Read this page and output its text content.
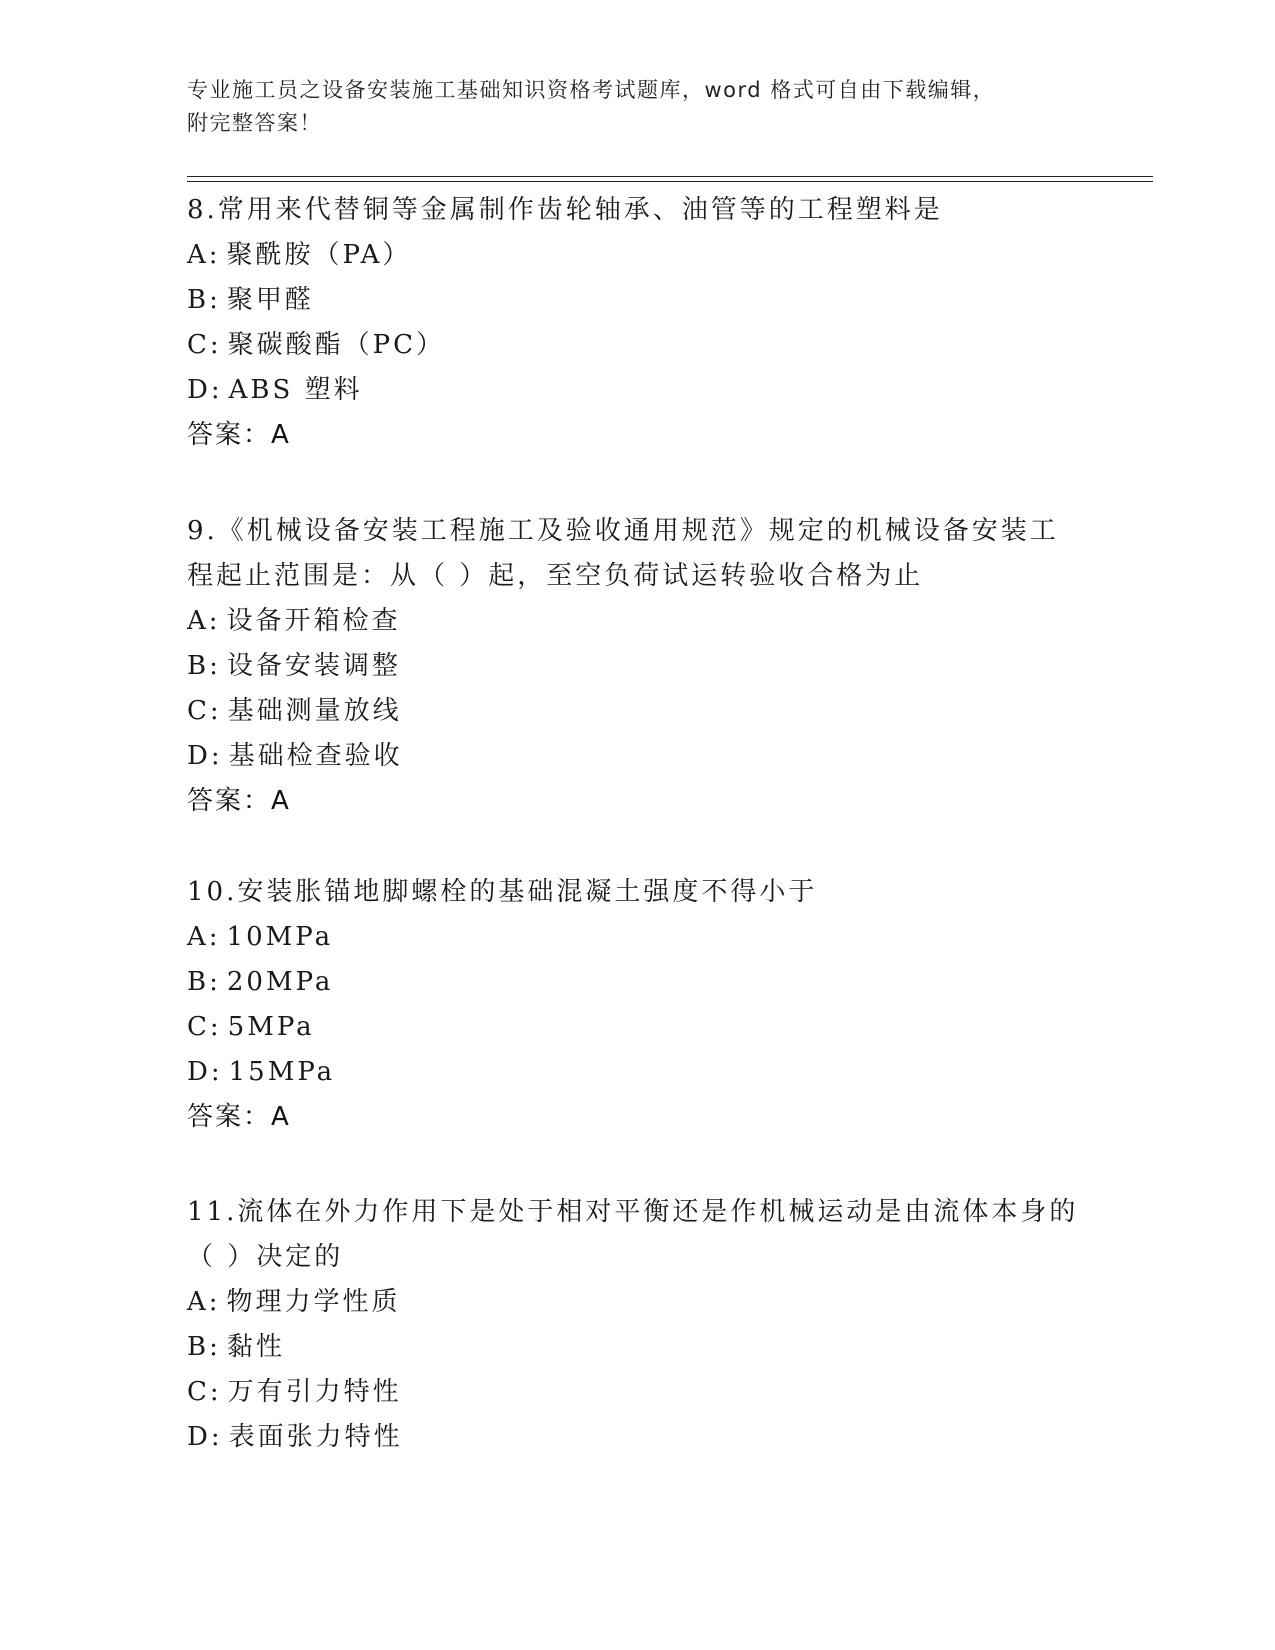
专业施工员之设备安装施工基础知识资格考试题库，word 格式可自由下载编辑，
附完整答案！
8.常用来代替铜等金属制作齿轮轴承、油管等的工程塑料是
A: 聚酰胺（PA）
B: 聚甲醛
C: 聚碳酸酯（PC）
D: ABS 塑料
答案：A
9.《机械设备安装工程施工及验收通用规范》规定的机械设备安装工
程起止范围是：从（ ）起，至空负荷试运转验收合格为止
A: 设备开箱检查
B: 设备安装调整
C: 基础测量放线
D: 基础检查验收
答案：A
10.安装胀锚地脚螺栓的基础混凝土强度不得小于
A: 10MPa
B: 20MPa
C: 5MPa
D: 15MPa
答案：A
11.流体在外力作用下是处于相对平衡还是作机械运动是由流体本身的
（ ）决定的
A: 物理力学性质
B: 黏性
C: 万有引力特性
D: 表面张力特性
